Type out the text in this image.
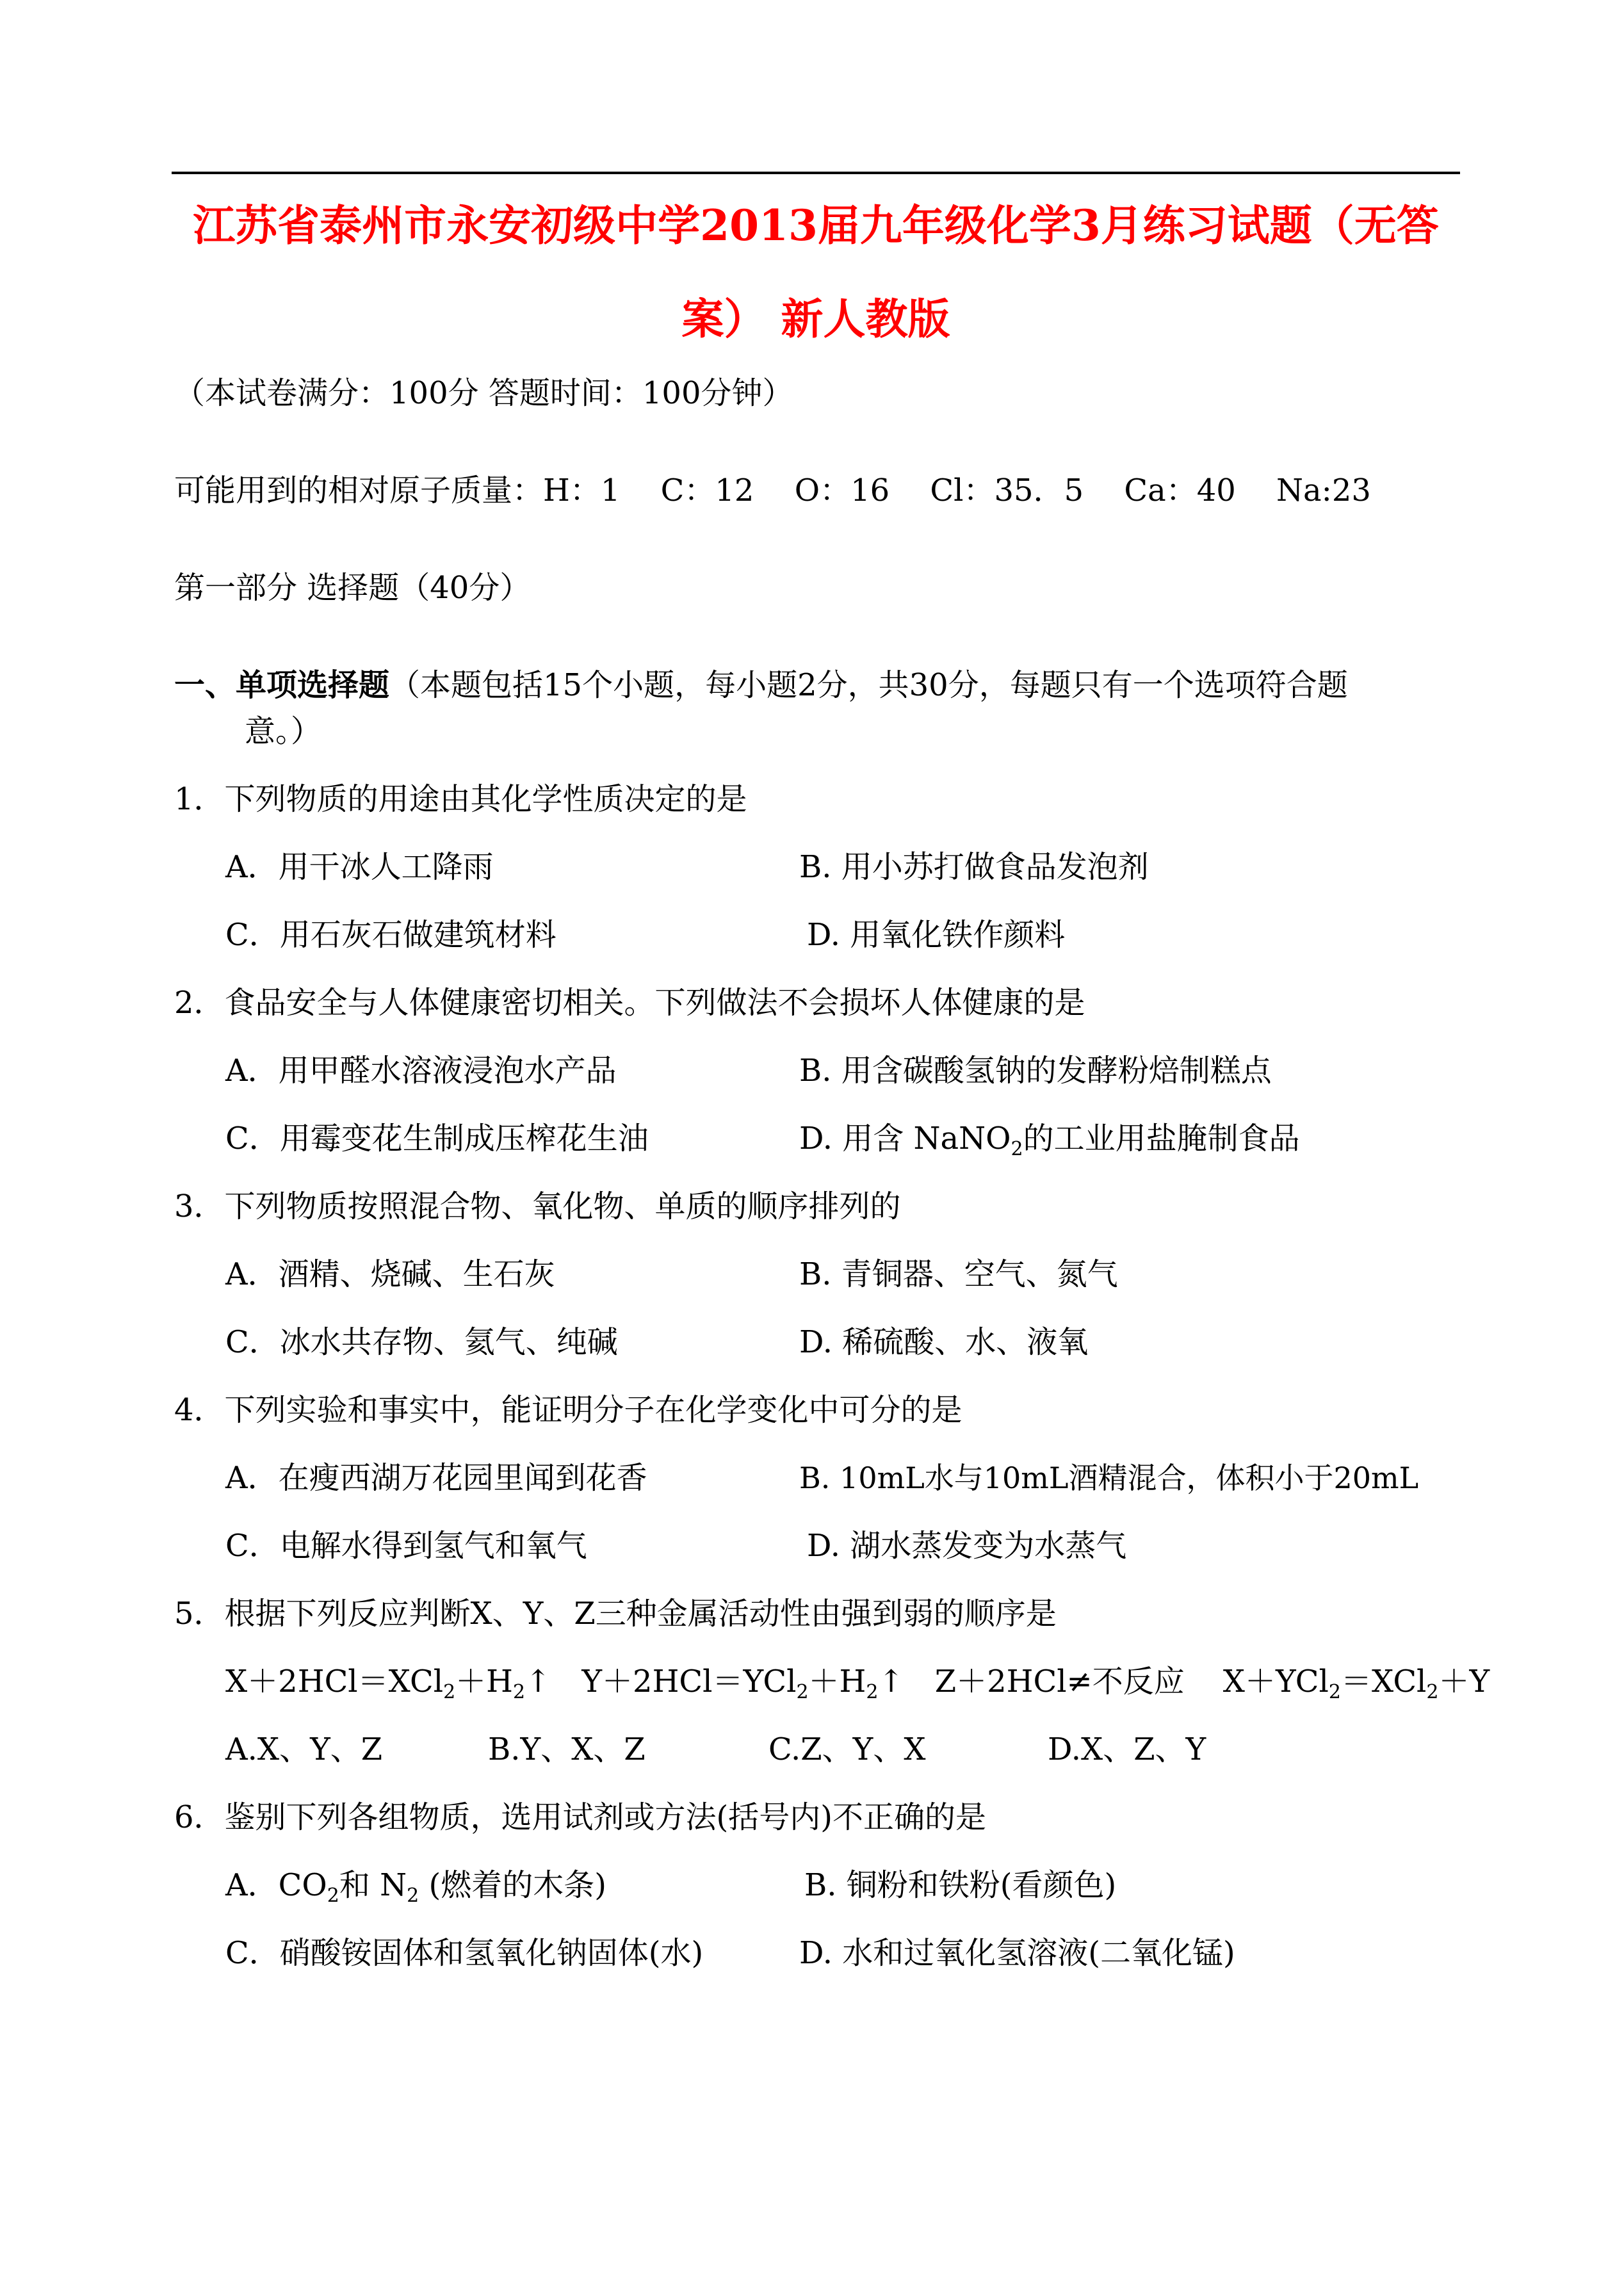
江苏省泰州市永安初级中学2013届九年级化学3月练习试题（无答
案） 新人教版
（本试卷满分：100分 答题时间：100分钟）
可能用到的相对原子质量：H：1　 C：12　 O：16　 Cl：35．5　 Ca：40　 Na:23
第一部分 选择题（40分）
一、单项选择题（本题包括15个小题，每小题2分，共30分，每题只有一个选项符合题
意。）
1．下列物质的用途由其化学性质决定的是
A．用干冰人工降雨	B. 用小苏打做食品发泡剂
C．用石灰石做建筑材料	D. 用氧化铁作颜料
2．食品安全与人体健康密切相关。下列做法不会损坏人体健康的是
A．用甲醛水溶液浸泡水产品	B. 用含碳酸氢钠的发酵粉焙制糕点
C．用霉变花生制成压榨花生油	D. 用含 NaNO$_2$的工业用盐腌制食品
3．下列物质按照混合物、氧化物、单质的顺序排列的
A．酒精、烧碱、生石灰	B. 青铜器、空气、氮气
C．冰水共存物、氦气、纯碱	D. 稀硫酸、水、液氧
4．下列实验和事实中，能证明分子在化学变化中可分的是
A．在瘦西湖万花园里闻到花香	B. 10mL水与10mL酒精混合，体积小于20mL
C．电解水得到氢气和氧气	D. 湖水蒸发变为水蒸气
5．根据下列反应判断X、Y、Z三种金属活动性由强到弱的顺序是
$X+2HCl=XCl_2+H_2↑$ $Y+2HCl=YCl_2+H_2↑$ Z＋2HCl≠不反应 X＋YCl$_2$＝XCl$_2$＋Y
A.X、Y、Z	B.Y、X、Z	C.Z、Y、X	D.X、Z、Y
6．鉴别下列各组物质，选用试剂或方法(括号内)不正确的是
A．$CO_2$和 $N_2$ (燃着的木条)	B. 铜粉和铁粉(看颜色)
C．硝酸铵固体和氢氧化钠固体(水)	D. 水和过氧化氢溶液(二氧化锰)
